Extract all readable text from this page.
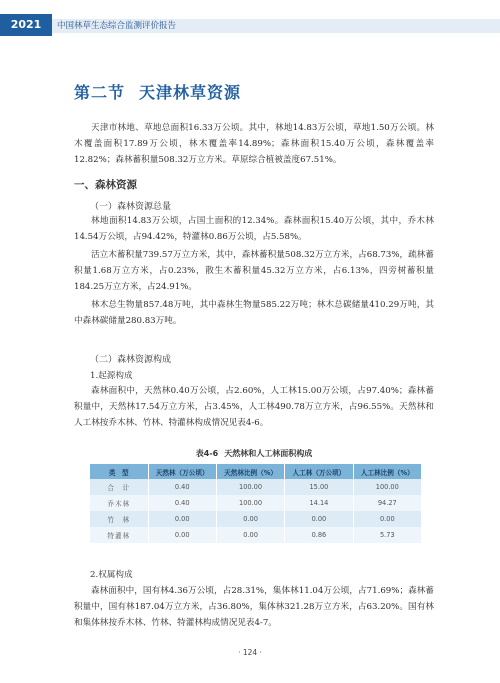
2021	中国林草生态综合监测评价报告
第二节 天津林草资源

天津市林地、草地总面积16.33万公顷。其中，林地14.83万公顷，草地1.50万公顷。林木覆盖面积17.89万公顷，林木覆盖率14.89%；森林面积15.40万公顷，森林覆盖率12.82%；森林蓄积量508.32万立方米。草原综合植被盖度67.51%。

一、森林资源
（一）森林资源总量

林地面积14.83万公顷，占国土面积的12.34%。森林面积15.40万公顷，其中，乔木林14.54万公顷，占94.42%，特灌林0.86万公顷，占5.58%。

活立木蓄积量739.57万立方米，其中，森林蓄积量508.32万立方米，占68.73%，疏林蓄积量1.68万立方米，占0.23%，散生木蓄积量45.32万立方米，占6.13%，四旁树蓄积量184.25万立方米，占24.91%。

林木总生物量857.48万吨，其中森林生物量585.22万吨；林木总碳储量410.29万吨，其中森林碳储量280.83万吨。

（二）森林资源构成
1.起源构成

森林面积中，天然林0.40万公顷，占2.60%，人工林15.00万公顷，占97.40%；森林蓄积量中，天然林17.54万立方米，占3.45%，人工林490.78万立方米，占96.55%。天然林和人工林按乔木林、竹林、特灌林构成情况见表4-6。

表4-6 天然林和人工林面积构成
类　型	天然林（万公顷）	天然林比例（%）	人工林（万公顷）	人工林比例（%）
合　计	0.40	100.00	15.00	100.00
乔木林	0.40	100.00	14.14	94.27
竹　林	0.00	0.00	0.00	0.00
特灌林	0.00	0.00	0.86	5.73
2.权属构成

森林面积中，国有林4.36万公顷，占28.31%，集体林11.04万公顷，占71.69%；森林蓄积量中，国有林187.04万立方米，占36.80%，集体林321.28万立方米，占63.20%。国有林和集体林按乔木林、竹林、特灌林构成情况见表4-7。

· 124 ·
